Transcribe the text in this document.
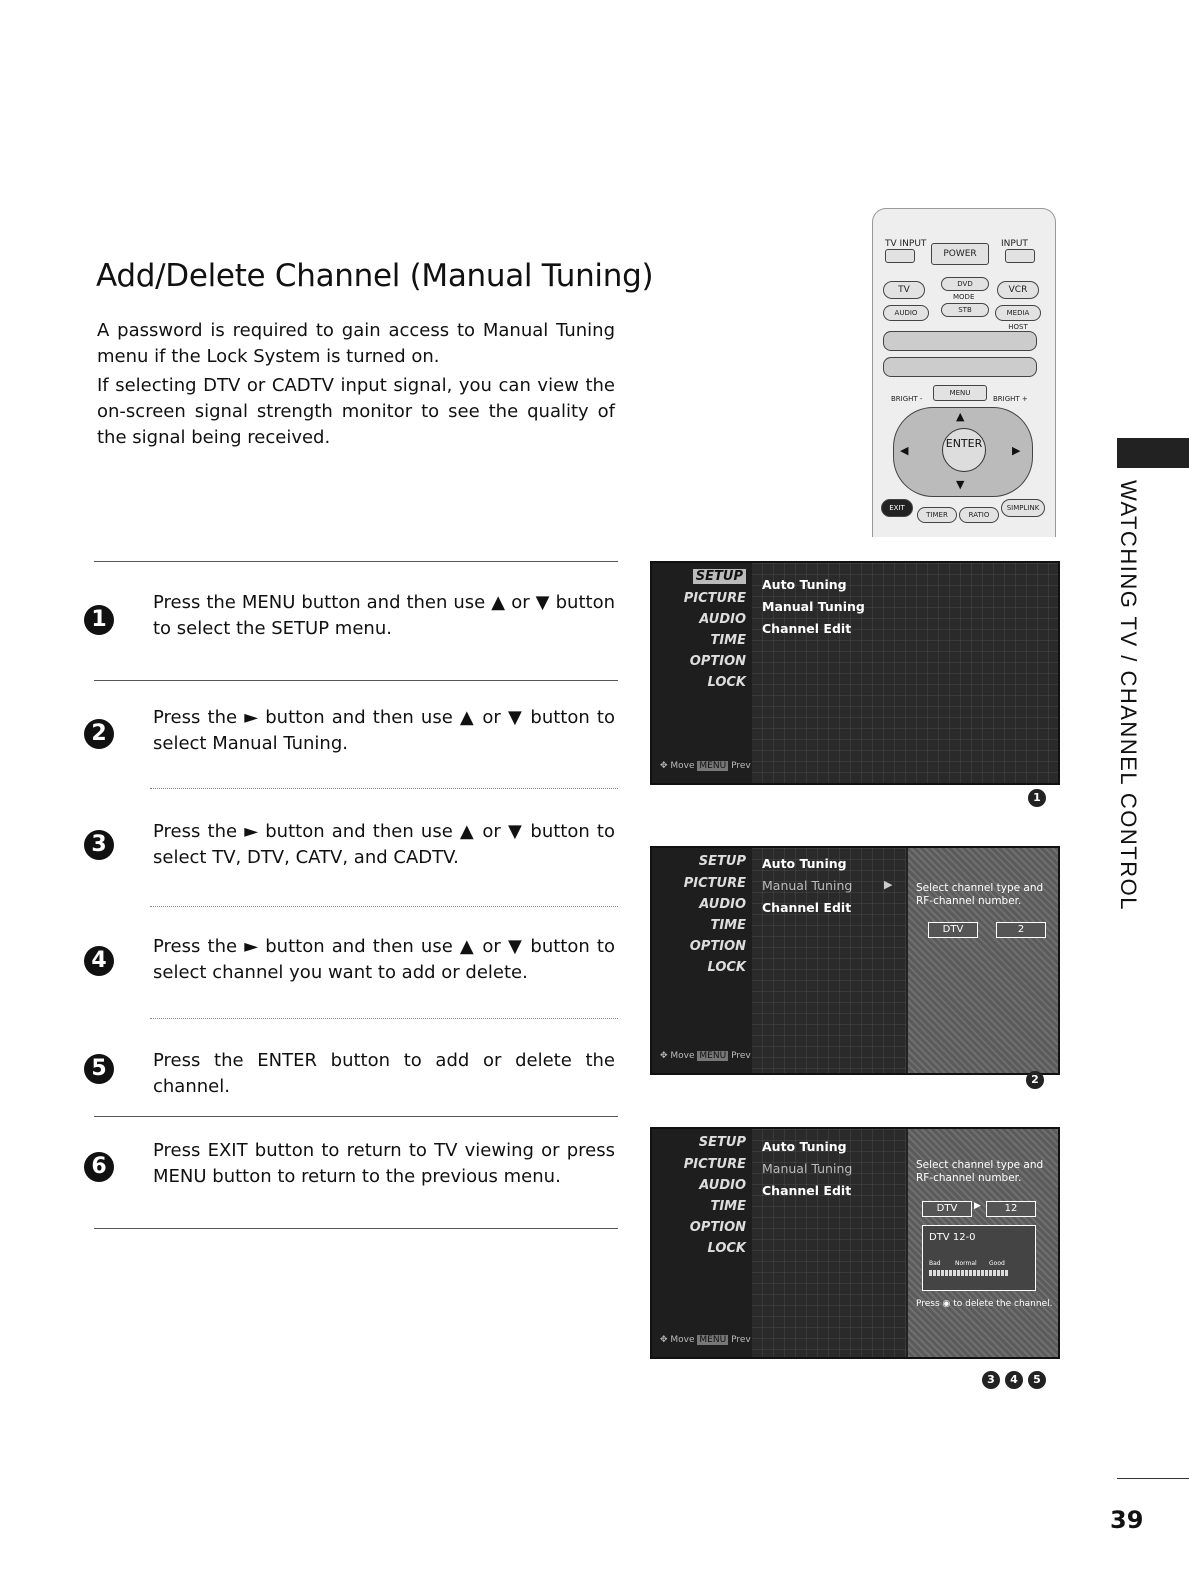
Add/Delete Channel (Manual Tuning)

A password is required to gain access to Manual Tuning menu if the Lock System is turned on.

If selecting DTV or CADTV input signal, you can view the on-screen signal strength monitor to see the quality of the signal being received.

1

Press the MENU button and then use ▲ or ▼ button to select the SETUP menu.

2

Press the ► button and then use ▲ or ▼ button to select Manual Tuning.

3

Press the ► button and then use ▲ or ▼ button to select TV, DTV, CATV, and CADTV.

4

Press the ► button and then use ▲ or ▼ button to select channel you want to add or delete.

5	Press the ENTER button to add or delete the channel.

6

Press EXIT button to return to TV viewing or press MENU button to return to the previous menu.

TV INPUT	INPUT
POWER
TV
DVD
VCR
MODE
STB
AUDIO	MEDIA HOST
BRIGHT -	BRIGHT +
MENU
▲
▼
◀	▶
ENTER
EXIT
TIMER	RATIO
SIMPLINK
SETUP
PICTURE
AUDIO
TIME
OPTION
LOCK
✥ Move MENU Prev
Auto Tuning
Manual Tuning
Channel Edit
1
SETUP
PICTURE
AUDIO
TIME
OPTION
LOCK
✥ Move MENU Prev
Auto Tuning
Manual Tuning	▶
Channel Edit
Select channel type and
RF-channel number.
DTV	2
2
SETUP
PICTURE
AUDIO
TIME
OPTION
LOCK
✥ Move MENU Prev
Auto Tuning
Manual Tuning
Channel Edit
Select channel type and
RF-channel number.
DTV	▶	12
DTV 12-0
Bad Normal Good
Press ◉ to delete the channel.
3	4	5
WATCHING TV / CHANNEL CONTROL
39
